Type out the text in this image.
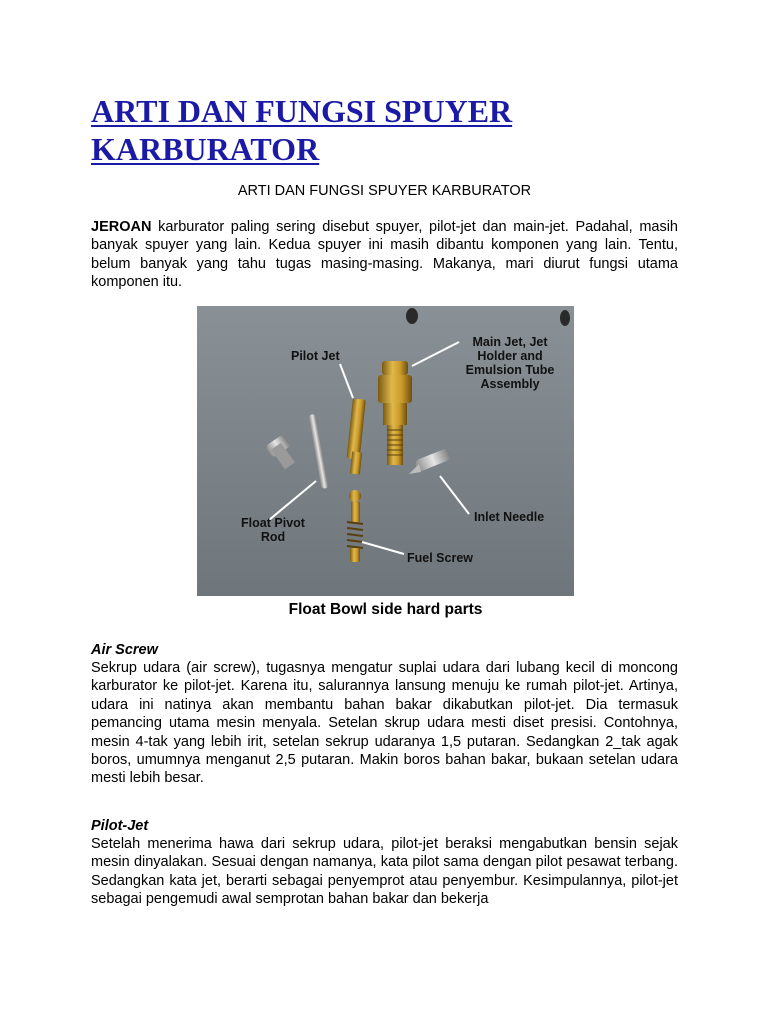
ARTI DAN FUNGSI SPUYER KARBURATOR
ARTI DAN FUNGSI SPUYER KARBURATOR

JEROAN karburator paling sering disebut spuyer, pilot-jet dan main-jet. Padahal, masih banyak spuyer yang lain. Kedua spuyer ini masih dibantu komponen yang lain. Tentu, belum banyak yang tahu tugas masing-masing. Makanya, mari diurut fungsi utama komponen itu.

Pilot Jet
Main Jet, Jet
Holder and
Emulsion Tube
Assembly
Inlet Needle
Float Pivot
Rod
Fuel Screw
Float Bowl side hard parts
Air Screw

Sekrup udara (air screw), tugasnya mengatur suplai udara dari lubang kecil di moncong karburator ke pilot-jet. Karena itu, salurannya lansung menuju ke rumah pilot-jet. Artinya, udara ini natinya akan membantu bahan bakar dikabutkan pilot-jet. Dia termasuk pemancing utama mesin menyala. Setelan skrup udara mesti diset presisi. Contohnya, mesin 4-tak yang lebih irit, setelan sekrup udaranya 1,5 putaran. Sedangkan 2_tak agak boros, umumnya menganut 2,5 putaran. Makin boros bahan bakar, bukaan setelan udara mesti lebih besar.

Pilot-Jet

Setelah menerima hawa dari sekrup udara, pilot-jet beraksi mengabutkan bensin sejak mesin dinyalakan. Sesuai dengan namanya, kata pilot sama dengan pilot pesawat terbang. Sedangkan kata jet, berarti sebagai penyemprot atau penyembur. Kesimpulannya, pilot-jet sebagai pengemudi awal semprotan bahan bakar dan bekerja
